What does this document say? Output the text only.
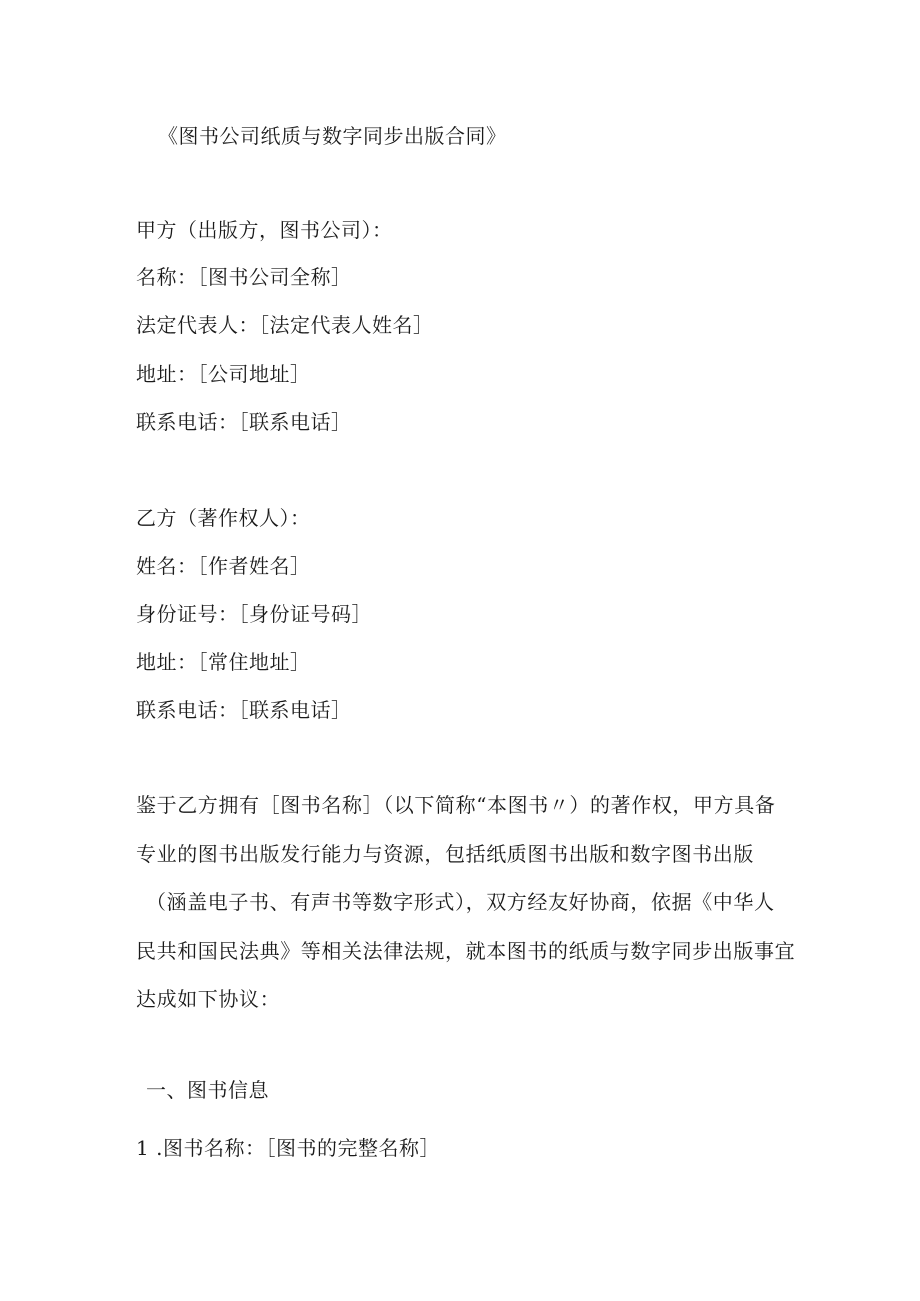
《图书公司纸质与数字同步出版合同》
甲方（出版方，图书公司）：
名称：［图书公司全称］
法定代表人：［法定代表人姓名］
地址：［公司地址］
联系电话：［联系电话］
乙方（著作权人）：
姓名：［作者姓名］
身份证号：［身份证号码］
地址：［常住地址］
联系电话：［联系电话］
鉴于乙方拥有［图书名称］（以下简称“本图书〃）的著作权，甲方具备
专业的图书出版发行能力与资源，包括纸质图书出版和数字图书出版
（涵盖电子书、有声书等数字形式），双方经友好协商，依据《中华人
民共和国民法典》等相关法律法规，就本图书的纸质与数字同步出版事宜
达成如下协议：
一、图书信息
1 .图书名称：［图书的完整名称］
